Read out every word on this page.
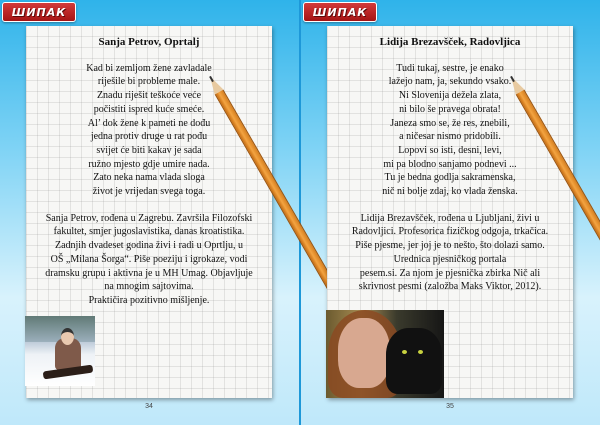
ШИПАК
Sanja Petrov, Oprtalj
Kad bi zemljom žene zavladale
riješile bi probleme male.
Znadu riješit teškoće veće
počistiti ispred kuće smeće.
Al’ dok žene k pameti ne dođu
jedna protiv druge u rat pođu
svijet će biti kakav je sada
ružno mjesto gdje umire nada.
Zato neka nama vlada sloga
život je vrijedan svega toga.
Sanja Petrov, rođena u Zagrebu. Završila Filozofski
fakultet, smjer jugoslavistika, danas kroatistika.
Zadnjih dvadeset godina živi i radi u Oprtlju, u
OŠ „Milana Šorga“. Piše poeziju i igrokaze, vodi
dramsku grupu i aktivna je u MH Umag. Objavljuje
na mnogim sajtovima.
Praktičira pozitivno mišljenje.
34
ШИПАК
Lidija Brezavšček, Radovljica
Tudi tukaj, sestre, je enako
lažejo nam, ja, sekundo vsako.
Ni Slovenija dežela zlata,
ni bilo še pravega obrata!
Janeza smo se, že res, znebili,
a ničesar nismo pridobili.
Lopovi so isti, desni, levi,
mi pa blodno sanjamo podnevi ...
Tu je bedna godlja sakramenska,
nič ni bolje zdaj, ko vlada ženska.
Lidija Brezavšček, rođena u Ljubljani, živi u
Radovljici. Profesorica fizičkog odgoja, trkačica.
Piše pjesme, jer joj je to nešto, što dolazi samo.
Urednica pjesničkog portala
pesem.si. Za njom je pjesnička zbirka Nič ali
skrivnost pesmi (založba Maks Viktor, 2012).
35
